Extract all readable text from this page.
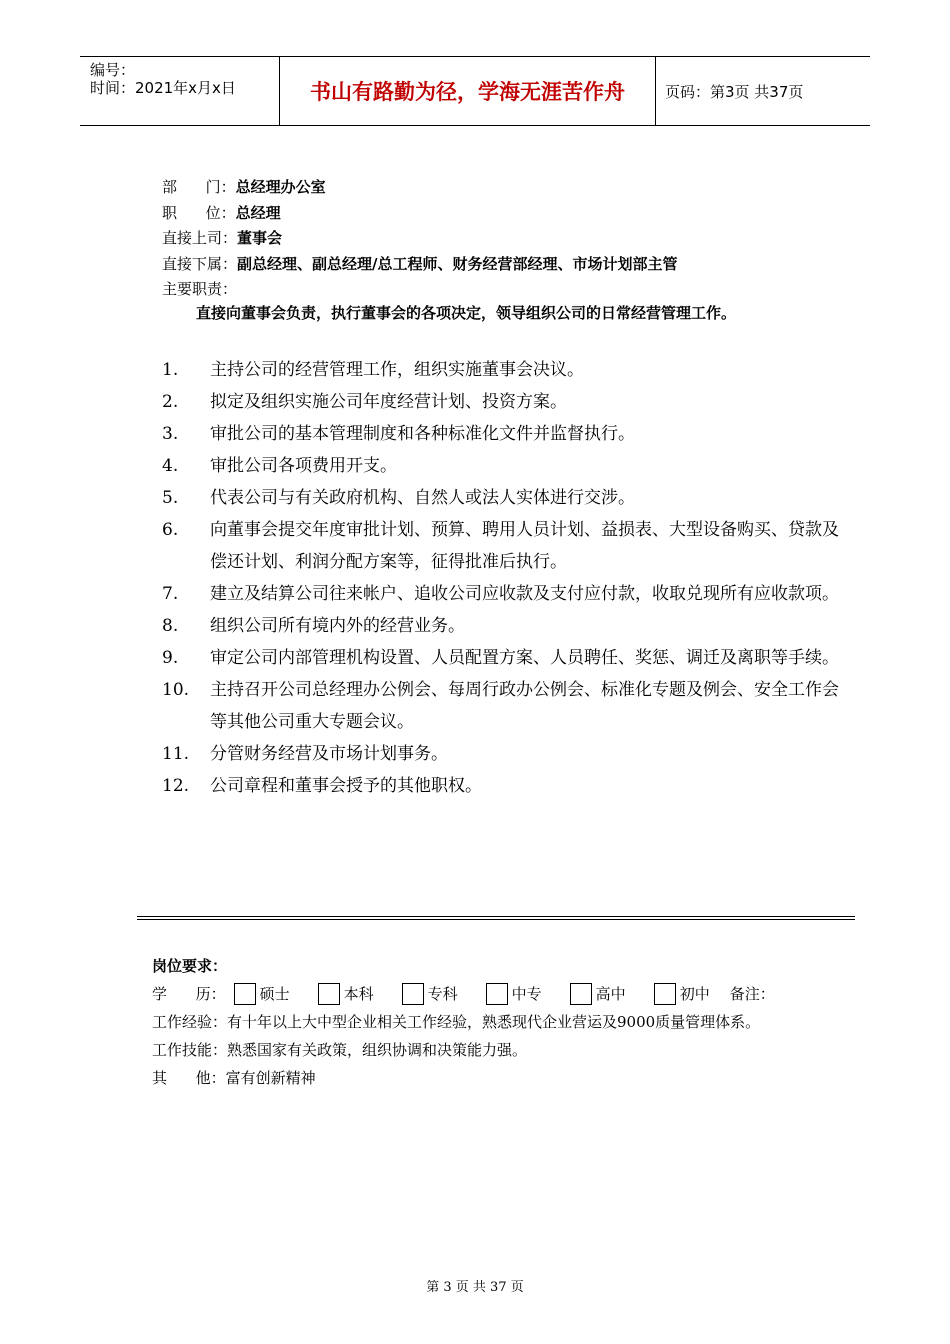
编号：
时间：2021年x月x日	书山有路勤为径，学海无涯苦作舟	页码：第3页 共37页
部      门：总经理办公室
职      位：总经理
直接上司：董事会
直接下属：副总经理、副总经理/总工程师、财务经营部经理、市场计划部主管
主要职责：
直接向董事会负责，执行董事会的各项决定，领导组织公司的日常经营管理工作。
1.	主持公司的经营管理工作，组织实施董事会决议。
2.	拟定及组织实施公司年度经营计划、投资方案。
3.	审批公司的基本管理制度和各种标准化文件并监督执行。
4.	审批公司各项费用开支。
5.	代表公司与有关政府机构、自然人或法人实体进行交涉。
6.	向董事会提交年度审批计划、预算、聘用人员计划、益损表、大型设备购买、贷款及偿还计划、利润分配方案等，征得批准后执行。
7.	建立及结算公司往来帐户、追收公司应收款及支付应付款，收取兑现所有应收款项。
8.	组织公司所有境内外的经营业务。
9.	审定公司内部管理机构设置、人员配置方案、人员聘任、奖惩、调迁及离职等手续。
10.	主持召开公司总经理办公例会、每周行政办公例会、标准化专题及例会、安全工作会等其他公司重大专题会议。
11.	分管财务经营及市场计划事务。
12.	公司章程和董事会授予的其他职权。
岗位要求：
学      历： 硕士	本科	专科	中专	高中	初中 备注：
工作经验：有十年以上大中型企业相关工作经验，熟悉现代企业营运及9000质量管理体系。
工作技能：熟悉国家有关政策，组织协调和决策能力强。
其      他：富有创新精神
第 3 页 共 37 页
